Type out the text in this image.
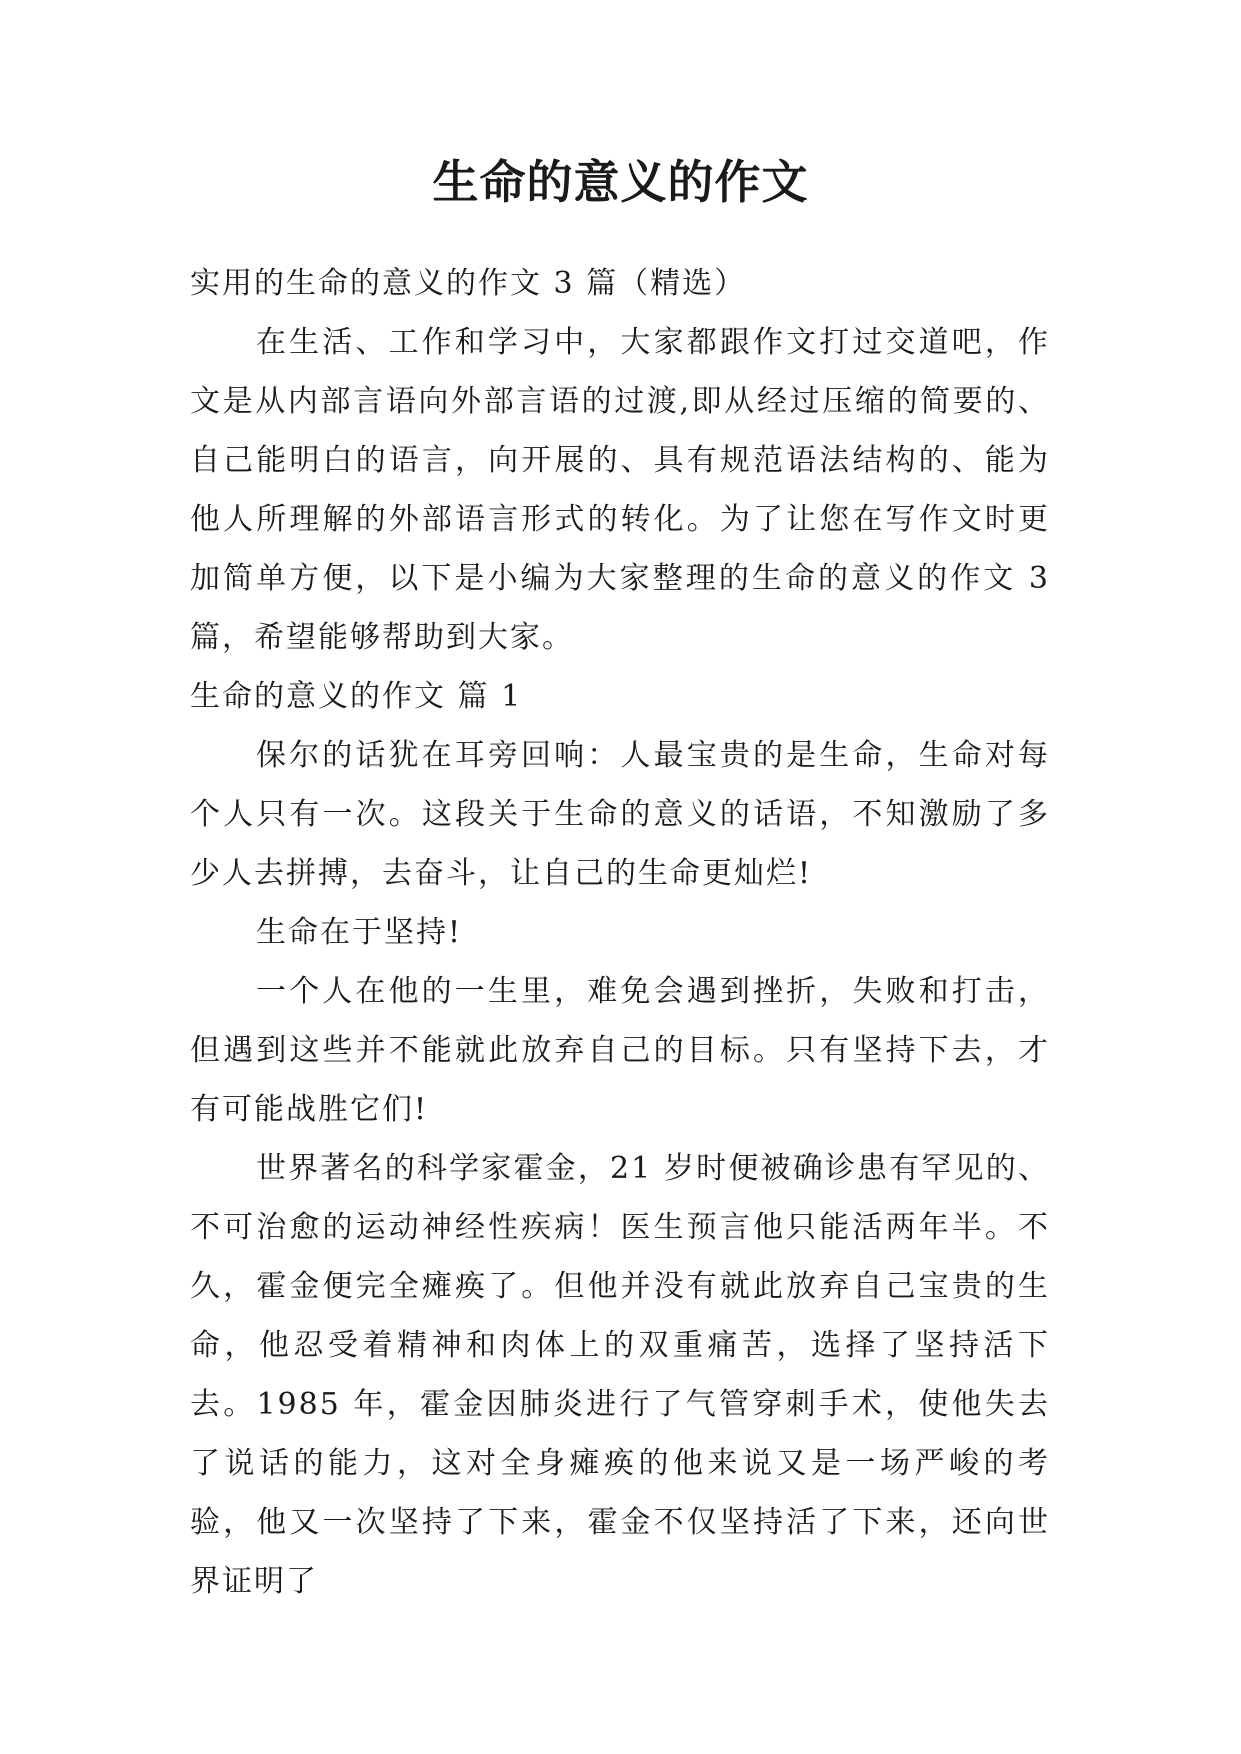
生命的意义的作文

实用的生命的意义的作文 3 篇（精选）

在生活、工作和学习中，大家都跟作文打过交道吧，作文是从内部言语向外部言语的过渡,即从经过压缩的简要的、自己能明白的语言，向开展的、具有规范语法结构的、能为他人所理解的外部语言形式的转化。为了让您在写作文时更加简单方便，以下是小编为大家整理的生命的意义的作文 3 篇，希望能够帮助到大家。

生命的意义的作文 篇 1

保尔的话犹在耳旁回响：人最宝贵的是生命，生命对每个人只有一次。这段关于生命的意义的话语，不知激励了多少人去拼搏，去奋斗，让自己的生命更灿烂!

生命在于坚持!

一个人在他的一生里，难免会遇到挫折，失败和打击，但遇到这些并不能就此放弃自己的目标。只有坚持下去，才有可能战胜它们!

世界著名的科学家霍金，21 岁时便被确诊患有罕见的、不可治愈的运动神经性疾病！医生预言他只能活两年半。不久，霍金便完全瘫痪了。但他并没有就此放弃自己宝贵的生命，他忍受着精神和肉体上的双重痛苦，选择了坚持活下去。1985 年，霍金因肺炎进行了气管穿刺手术，使他失去了说话的能力，这对全身瘫痪的他来说又是一场严峻的考验，他又一次坚持了下来，霍金不仅坚持活了下来，还向世界证明了
